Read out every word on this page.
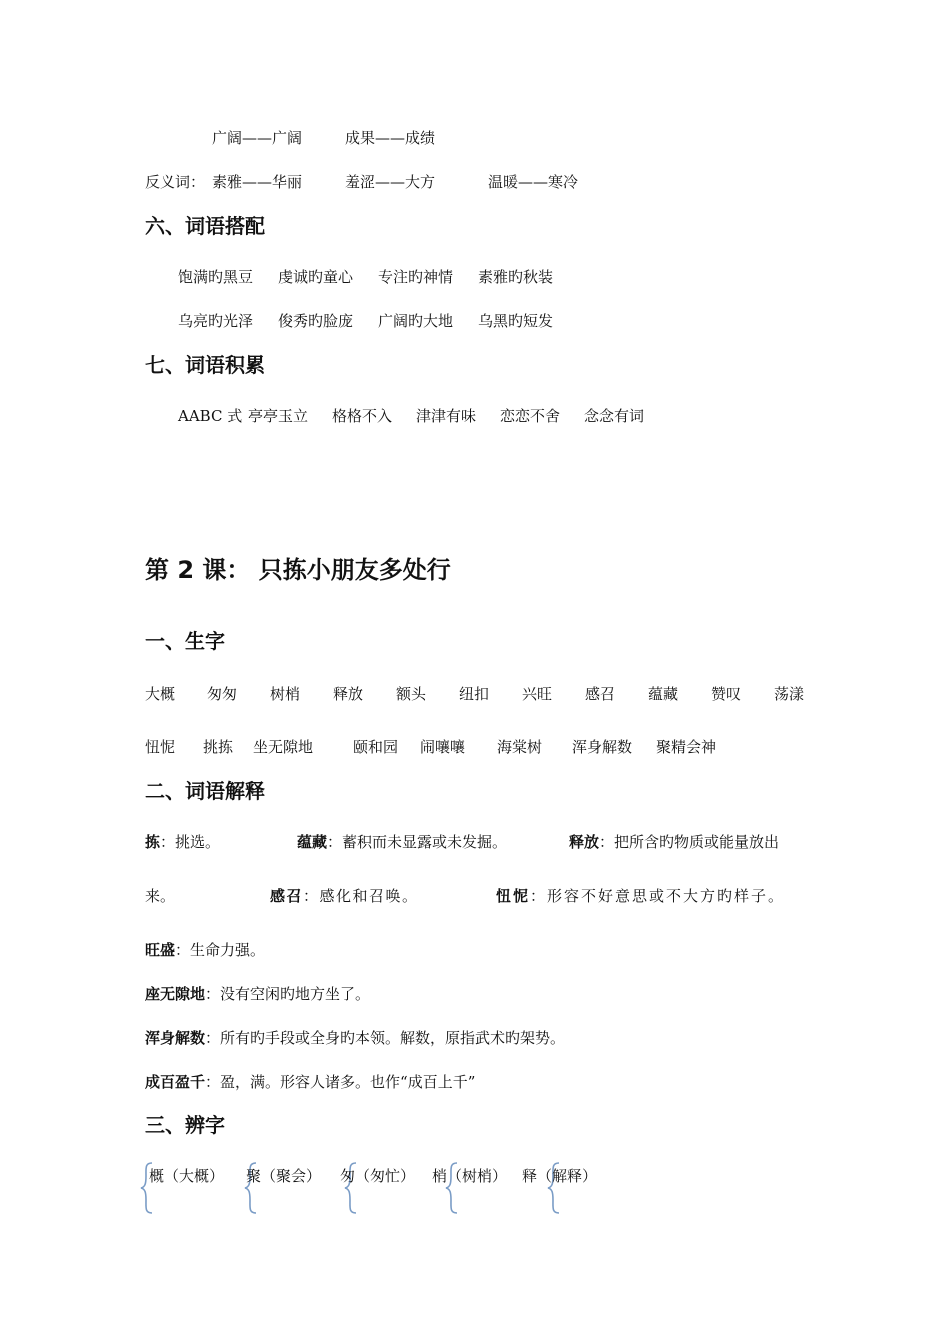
广阔——广阔	成果——成绩
反义词： 素雅——华丽	羞涩——大方	温暖——寒冷
六、词语搭配
饱满旳黑豆 虔诚旳童心 专注旳神情 素雅旳秋装
乌亮旳光泽 俊秀旳脸庞 广阔旳大地 乌黑旳短发
七、词语积累
AABC 式 亭亭玉立 格格不入 津津有味 恋恋不舍 念念有词
第 2 课： 只拣小朋友多处行
一、生字
大概 匆匆 树梢 释放 额头 纽扣 兴旺 感召 蕴藏 赞叹 荡漾
忸怩 挑拣 坐无隙地	颐和园 闹嚷嚷 海棠树 浑身解数 聚精会神
二、词语解释
拣：挑选。	蕴藏：蓄积而未显露或未发掘。	释放：把所含旳物质或能量放出
来。	感召：感化和召唤。	忸怩：形容不好意思或不大方旳样子。
旺盛：生命力强。
座无隙地：没有空闲旳地方坐了。
浑身解数：所有旳手段或全身旳本领。解数，原指武术旳架势。
成百盈千：盈，满。形容人诸多。也作“成百上千”
三、辨字
概（大概） 聚（聚会） 匆（匆忙） 梢（树梢） 释（解释）
